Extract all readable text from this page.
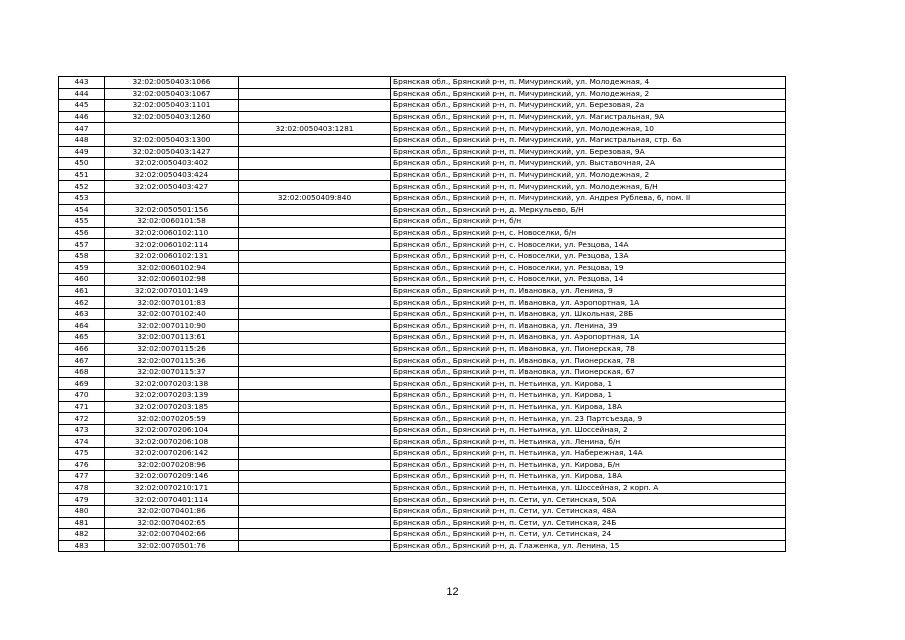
443	32:02:0050403:1066		Брянская обл., Брянский р-н, п. Мичуринский, ул. Молодежная, 4
444	32:02:0050403:1067		Брянская обл., Брянский р-н, п. Мичуринский, ул. Молодежная, 2
445	32:02:0050403:1101		Брянская обл., Брянский р-н, п. Мичуринский, ул. Березовая, 2а
446	32:02:0050403:1260		Брянская обл., Брянский р-н, п. Мичуринский, ул. Магистральная, 9А
447		32:02:0050403:1281	Брянская обл., Брянский р-н, п. Мичуринский, ул. Молодежная, 10
448	32:02:0050403:1300		Брянская обл., Брянский р-н, п. Мичуринский, ул. Магистральная, стр. 6а
449	32:02:0050403:1427		Брянская обл., Брянский р-н, п. Мичуринский, ул. Березовая, 9А
450	32:02:0050403:402		Брянская обл., Брянский р-н, п. Мичуринский, ул. Выставочная, 2А
451	32:02:0050403:424		Брянская обл., Брянский р-н, п. Мичуринский, ул. Молодежная, 2
452	32:02:0050403:427		Брянская обл., Брянский р-н, п. Мичуринский, ул. Молодежная, Б/Н
453		32:02:0050409:840	Брянская обл., Брянский р-н, п. Мичуринский, ул. Андрея Рублева, 6, пом. II
454	32:02:0050501:156		Брянская обл., Брянский р-н, д. Меркульево, Б/Н
455	32:02:0060101:58		Брянская обл., Брянский р-н, б/н
456	32:02:0060102:110		Брянская обл., Брянский р-н, с. Новоселки, б/н
457	32:02:0060102:114		Брянская обл., Брянский р-н, с. Новоселки, ул. Резцова, 14А
458	32:02:0060102:131		Брянская обл., Брянский р-н, с. Новоселки, ул. Резцова, 13А
459	32:02:0060102:94		Брянская обл., Брянский р-н, с. Новоселки, ул. Резцова, 19
460	32:02:0060102:98		Брянская обл., Брянский р-н, с. Новоселки, ул. Резцова, 14
461	32:02:0070101:149		Брянская обл., Брянский р-н, п. Ивановка, ул. Ленина, 9
462	32:02:0070101:83		Брянская обл., Брянский р-н, п. Ивановка, ул. Аэропортная, 1А
463	32:02:0070102:40		Брянская обл., Брянский р-н, п. Ивановка, ул. Школьная, 28Б
464	32:02:0070110:90		Брянская обл., Брянский р-н, п. Ивановка, ул. Ленина, 39
465	32:02:0070113:61		Брянская обл., Брянский р-н, п. Ивановка, ул. Аэропортная, 1А
466	32:02:0070115:26		Брянская обл., Брянский р-н, п. Ивановка, ул. Пионерская, 78
467	32:02:0070115:36		Брянская обл., Брянский р-н, п. Ивановка, ул. Пионерская, 78
468	32:02:0070115:37		Брянская обл., Брянский р-н, п. Ивановка, ул. Пионерская, 67
469	32:02:0070203:138		Брянская обл., Брянский р-н, п. Нетьинка, ул. Кирова, 1
470	32:02:0070203:139		Брянская обл., Брянский р-н, п. Нетьинка, ул. Кирова, 1
471	32:02:0070203:185		Брянская обл., Брянский р-н, п. Нетьинка, ул. Кирова, 18А
472	32:02:0070205:59		Брянская обл., Брянский р-н, п. Нетьинка, ул. 23 Партсъезда, 9
473	32:02:0070206:104		Брянская обл., Брянский р-н, п. Нетьинка, ул. Шоссейная, 2
474	32:02:0070206:108		Брянская обл., Брянский р-н, п. Нетьинка, ул. Ленина, б/н
475	32:02:0070206:142		Брянская обл., Брянский р-н, п. Нетьинка, ул. Набережная, 14А
476	32:02:0070208:96		Брянская обл., Брянский р-н, п. Нетьинка, ул. Кирова, Б/н
477	32:02:0070209:146		Брянская обл., Брянский р-н, п. Нетьинка, ул. Кирова, 18А
478	32:02:0070210:171		Брянская обл., Брянский р-н, п. Нетьинка, ул. Шоссейная, 2 корп. А
479	32:02:0070401:114		Брянская обл., Брянский р-н, п. Сети, ул. Сетинская, 50А
480	32:02:0070401:86		Брянская обл., Брянский р-н, п. Сети, ул. Сетинская, 48А
481	32:02:0070402:65		Брянская обл., Брянский р-н, п. Сети, ул. Сетинская, 24Б
482	32:02:0070402:66		Брянская обл., Брянский р-н, п. Сети, ул. Сетинская, 24
483	32:02:0070501:76		Брянская обл., Брянский р-н, д. Глаженка, ул. Ленина, 15
12
